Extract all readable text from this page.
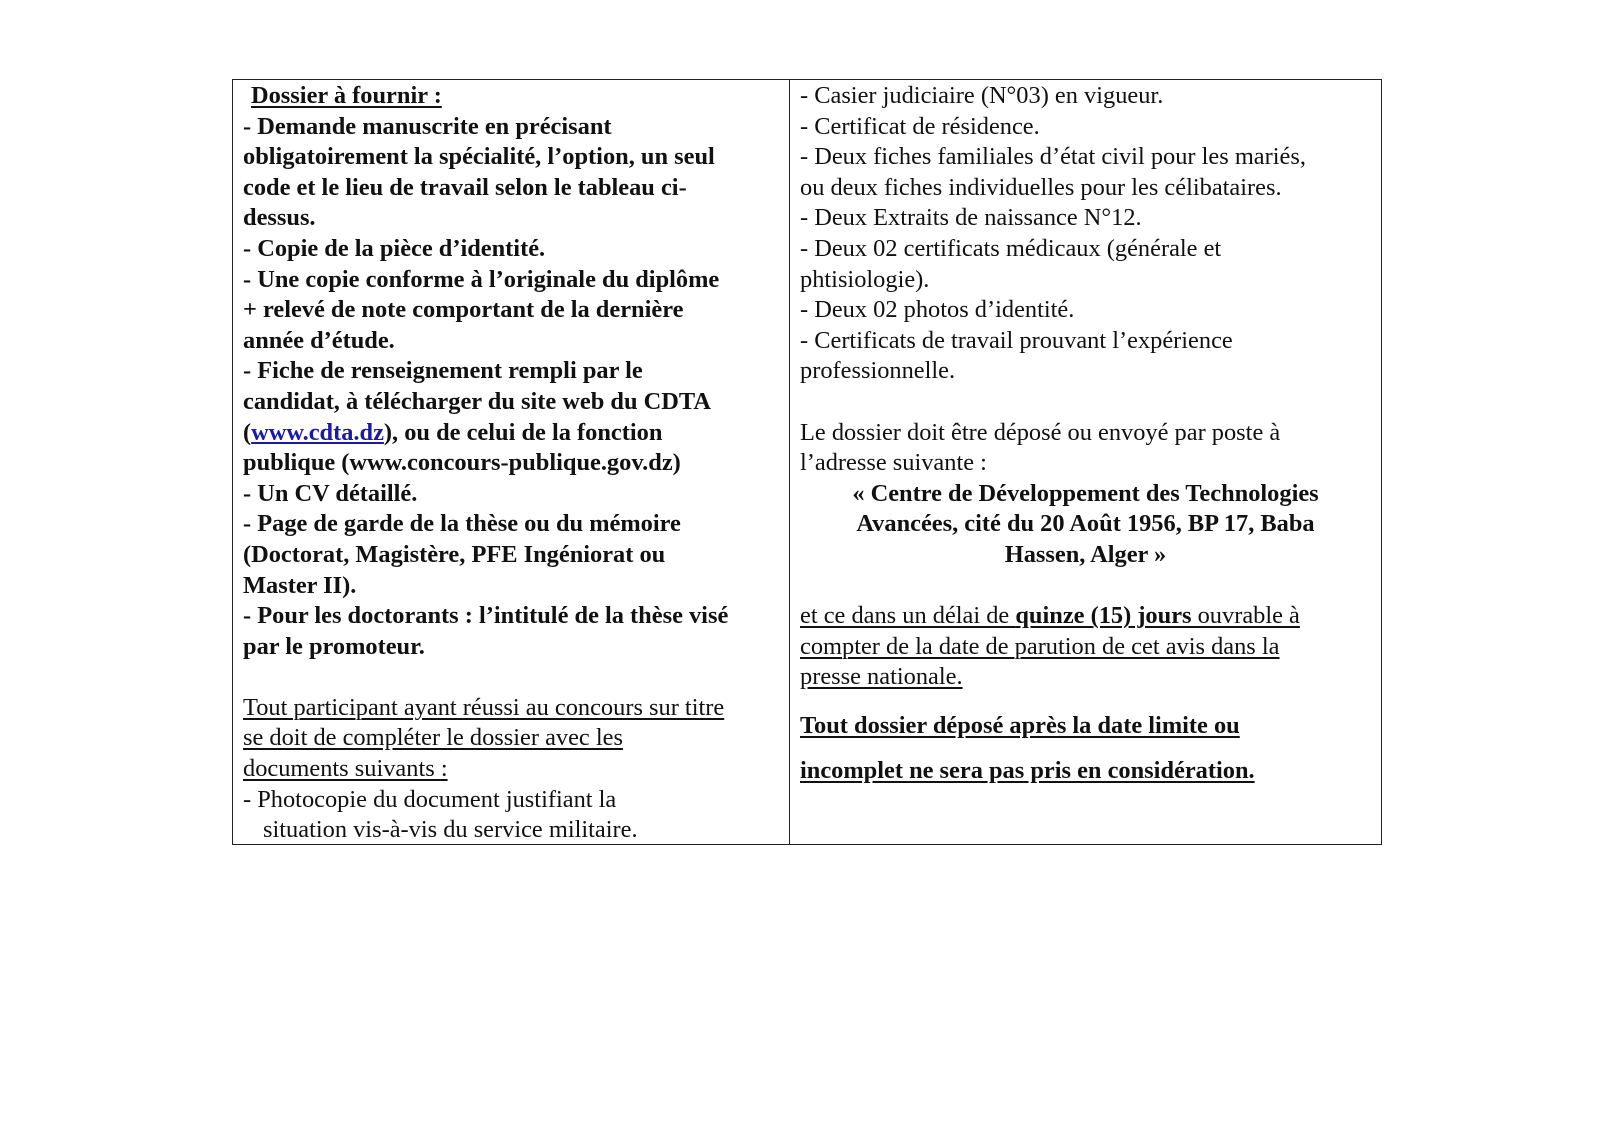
Dossier à fournir :
- Demande manuscrite en précisant
obligatoirement la spécialité, l’option, un seul
code et le lieu de travail selon le tableau ci-
dessus.
- Copie de la pièce d’identité.
- Une copie conforme à l’originale du diplôme
+ relevé de note comportant de la dernière
année d’étude.
- Fiche de renseignement rempli par le
candidat, à télécharger du site web du CDTA
(www.cdta.dz), ou de celui de la fonction
publique (www.concours-publique.gov.dz)
- Un CV détaillé.
- Page de garde de la thèse ou du mémoire
(Doctorat, Magistère, PFE Ingéniorat ou
Master II).
- Pour les doctorants : l’intitulé de la thèse visé
par le promoteur.
Tout participant ayant réussi au concours sur titre
se doit de compléter le dossier avec les
documents suivants :
- Photocopie du document justifiant la
situation vis-à-vis du service militaire.
- Casier judiciaire (N°03) en vigueur.
- Certificat de résidence.
- Deux fiches familiales d’état civil pour les mariés,
ou deux fiches individuelles pour les célibataires.
- Deux Extraits de naissance N°12.
- Deux 02 certificats médicaux (générale et
phtisiologie).
- Deux 02 photos d’identité.
- Certificats de travail prouvant l’expérience
professionnelle.
Le dossier doit être déposé ou envoyé par poste à
l’adresse suivante :
« Centre de Développement des Technologies
Avancées, cité du 20 Août 1956, BP 17, Baba
Hassen, Alger »
et ce dans un délai de quinze (15) jours ouvrable à
compter de la date de parution de cet avis dans la
presse nationale.
Tout dossier déposé après la date limite ou
incomplet ne sera pas pris en considération.
